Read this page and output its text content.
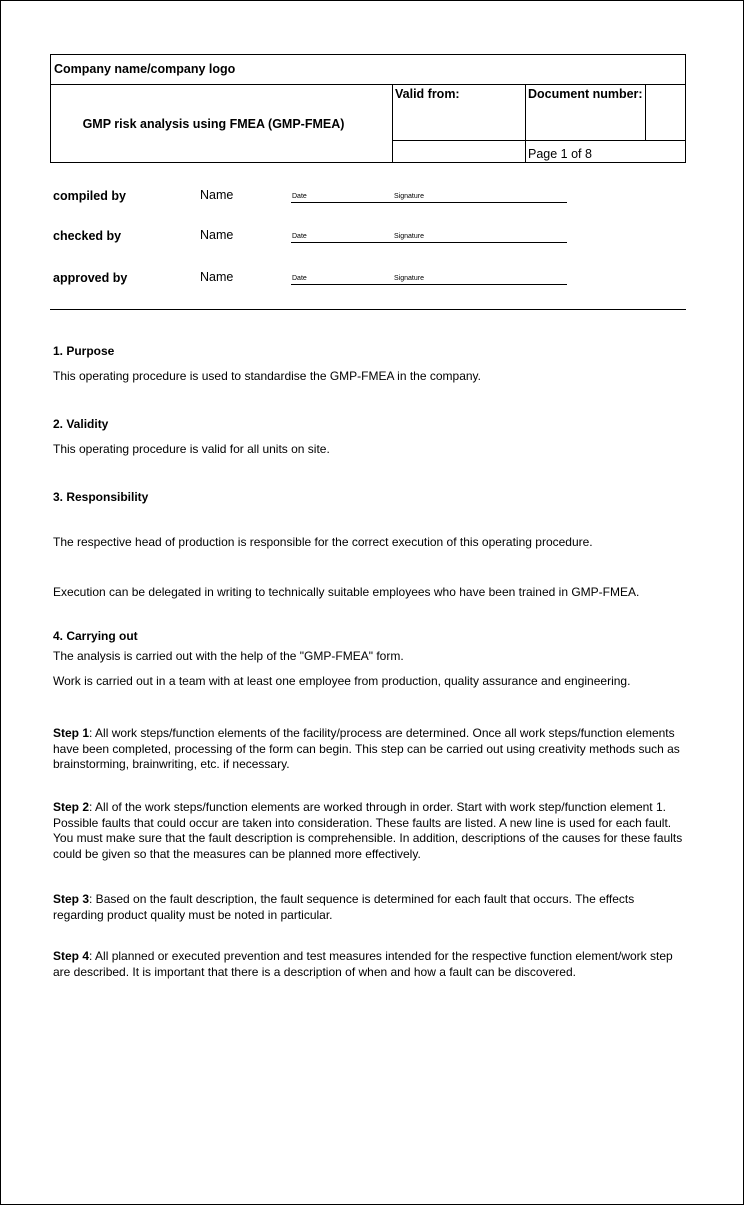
Company name/company logo
GMP risk analysis using FMEA (GMP-FMEA)
Valid from:	Document number:
Page 1 of 8
compiled by	Name	Date	Signature
checked by	Name	Date	Signature
approved by	Name	Date	Signature
1. Purpose
This operating procedure is used to standardise the GMP-FMEA in the company.
2. Validity
This operating procedure is valid for all units on site.
3. Responsibility
The respective head of production is responsible for the correct execution of this operating procedure.
Execution can be delegated in writing to technically suitable employees who have been trained in GMP-FMEA.
4. Carrying out
The analysis is carried out with the help of the "GMP-FMEA" form.
Work is carried out in a team with at least one employee from production, quality assurance and engineering.
Step 1: All work steps/function elements of the facility/process are determined. Once all work steps/function elements have been completed, processing of the form can begin. This step can be carried out using creativity methods such as brainstorming, brainwriting, etc. if necessary.
Step 2: All of the work steps/function elements are worked through in order. Start with work step/function element 1. Possible faults that could occur are taken into consideration. These faults are listed. A new line is used for each fault. You must make sure that the fault description is comprehensible. In addition, descriptions of the causes for these faults could be given so that the measures can be planned more effectively.
Step 3: Based on the fault description, the fault sequence is determined for each fault that occurs. The effects regarding product quality must be noted in particular.
Step 4: All planned or executed prevention and test measures intended for the respective function element/work step are described. It is important that there is a description of when and how a fault can be discovered.
